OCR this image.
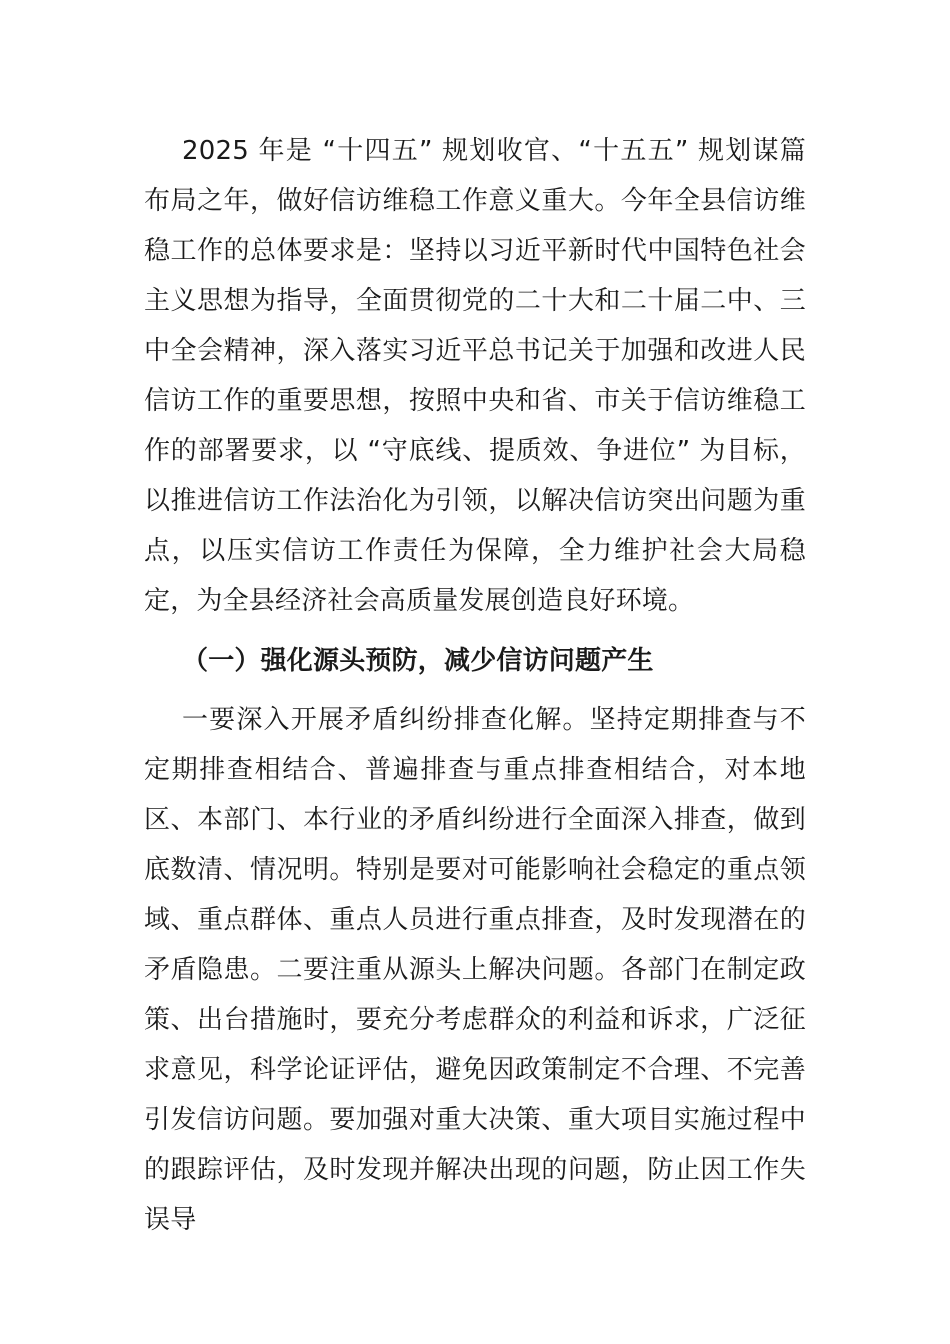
2025 年是 “十四五” 规划收官、“十五五” 规划谋篇布局之年，做好信访维稳工作意义重大。今年全县信访维稳工作的总体要求是：坚持以习近平新时代中国特色社会主义思想为指导，全面贯彻党的二十大和二十届二中、三中全会精神，深入落实习近平总书记关于加强和改进人民信访工作的重要思想，按照中央和省、市关于信访维稳工作的部署要求，以 “守底线、提质效、争进位” 为目标，以推进信访工作法治化为引领，以解决信访突出问题为重点，以压实信访工作责任为保障，全力维护社会大局稳定，为全县经济社会高质量发展创造良好环境。

（一）强化源头预防，减少信访问题产生

一要深入开展矛盾纠纷排查化解。坚持定期排查与不定期排查相结合、普遍排查与重点排查相结合，对本地区、本部门、本行业的矛盾纠纷进行全面深入排查，做到底数清、情况明。特别是要对可能影响社会稳定的重点领域、重点群体、重点人员进行重点排查，及时发现潜在的矛盾隐患。二要注重从源头上解决问题。各部门在制定政策、出台措施时，要充分考虑群众的利益和诉求，广泛征求意见，科学论证评估，避免因政策制定不合理、不完善引发信访问题。要加强对重大决策、重大项目实施过程中的跟踪评估，及时发现并解决出现的问题，防止因工作失误导
